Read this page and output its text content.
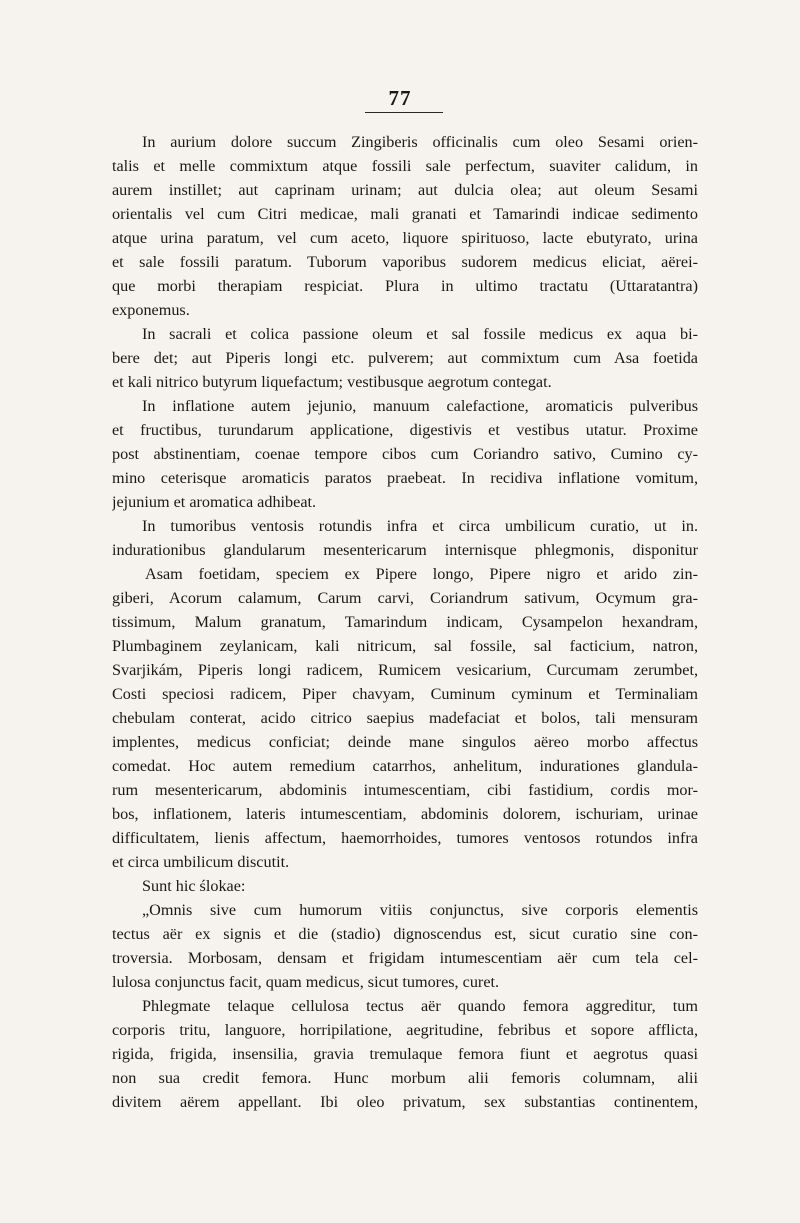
77
In aurium dolore succum Zingiberis officinalis cum oleo Sesami orien-
talis et melle commixtum atque fossili sale perfectum, suaviter calidum, in
aurem instillet; aut caprinam urinam; aut dulcia olea; aut oleum Sesami
orientalis vel cum Citri medicae, mali granati et Tamarindi indicae sedimento
atque urina paratum, vel cum aceto, liquore spirituoso, lacte ebutyrato, urina
et sale fossili paratum. Tuborum vaporibus sudorem medicus eliciat, aërei-
que morbi therapiam respiciat. Plura in ultimo tractatu (Uttaratantra)
exponemus.
In sacrali et colica passione oleum et sal fossile medicus ex aqua bi-
bere det; aut Piperis longi etc. pulverem; aut commixtum cum Asa foetida
et kali nitrico butyrum liquefactum; vestibusque aegrotum contegat.
In inflatione autem jejunio, manuum calefactione, aromaticis pulveribus
et fructibus, turundarum applicatione, digestivis et vestibus utatur. Proxime
post abstinentiam, coenae tempore cibos cum Coriandro sativo, Cumino cy-
mino ceterisque aromaticis paratos praebeat. In recidiva inflatione vomitum,
jejunium et aromatica adhibeat.
In tumoribus ventosis rotundis infra et circa umbilicum curatio, ut in.
indurationibus glandularum mesentericarum internisque phlegmonis, disponitur
Asam foetidam, speciem ex Pipere longo, Pipere nigro et arido zin-
giberi, Acorum calamum, Carum carvi, Coriandrum sativum, Ocymum gra-
tissimum, Malum granatum, Tamarindum indicam, Cysampelon hexandram,
Plumbaginem zeylanicam, kali nitricum, sal fossile, sal facticium, natron,
Svarjikám, Piperis longi radicem, Rumicem vesicarium, Curcumam zerumbet,
Costi speciosi radicem, Piper chavyam, Cuminum cyminum et Terminaliam
chebulam conterat, acido citrico saepius madefaciat et bolos, tali mensuram
implentes, medicus conficiat; deinde mane singulos aëreo morbo affectus
comedat. Hoc autem remedium catarrhos, anhelitum, indurationes glandula-
rum mesentericarum, abdominis intumescentiam, cibi fastidium, cordis mor-
bos, inflationem, lateris intumescentiam, abdominis dolorem, ischuriam, urinae
difficultatem, lienis affectum, haemorrhoides, tumores ventosos rotundos infra
et circa umbilicum discutit.
Sunt hic ślokae:
„Omnis sive cum humorum vitiis conjunctus, sive corporis elementis
tectus aër ex signis et die (stadio) dignoscendus est, sicut curatio sine con-
troversia. Morbosam, densam et frigidam intumescentiam aër cum tela cel-
lulosa conjunctus facit, quam medicus, sicut tumores, curet.
Phlegmate telaque cellulosa tectus aër quando femora aggreditur, tum
corporis tritu, languore, horripilatione, aegritudine, febribus et sopore afflicta,
rigida, frigida, insensilia, gravia tremulaque femora fiunt et aegrotus quasi
non sua credit femora. Hunc morbum alii femoris columnam, alii
divitem aërem appellant. Ibi oleo privatum, sex substantias continentem,
